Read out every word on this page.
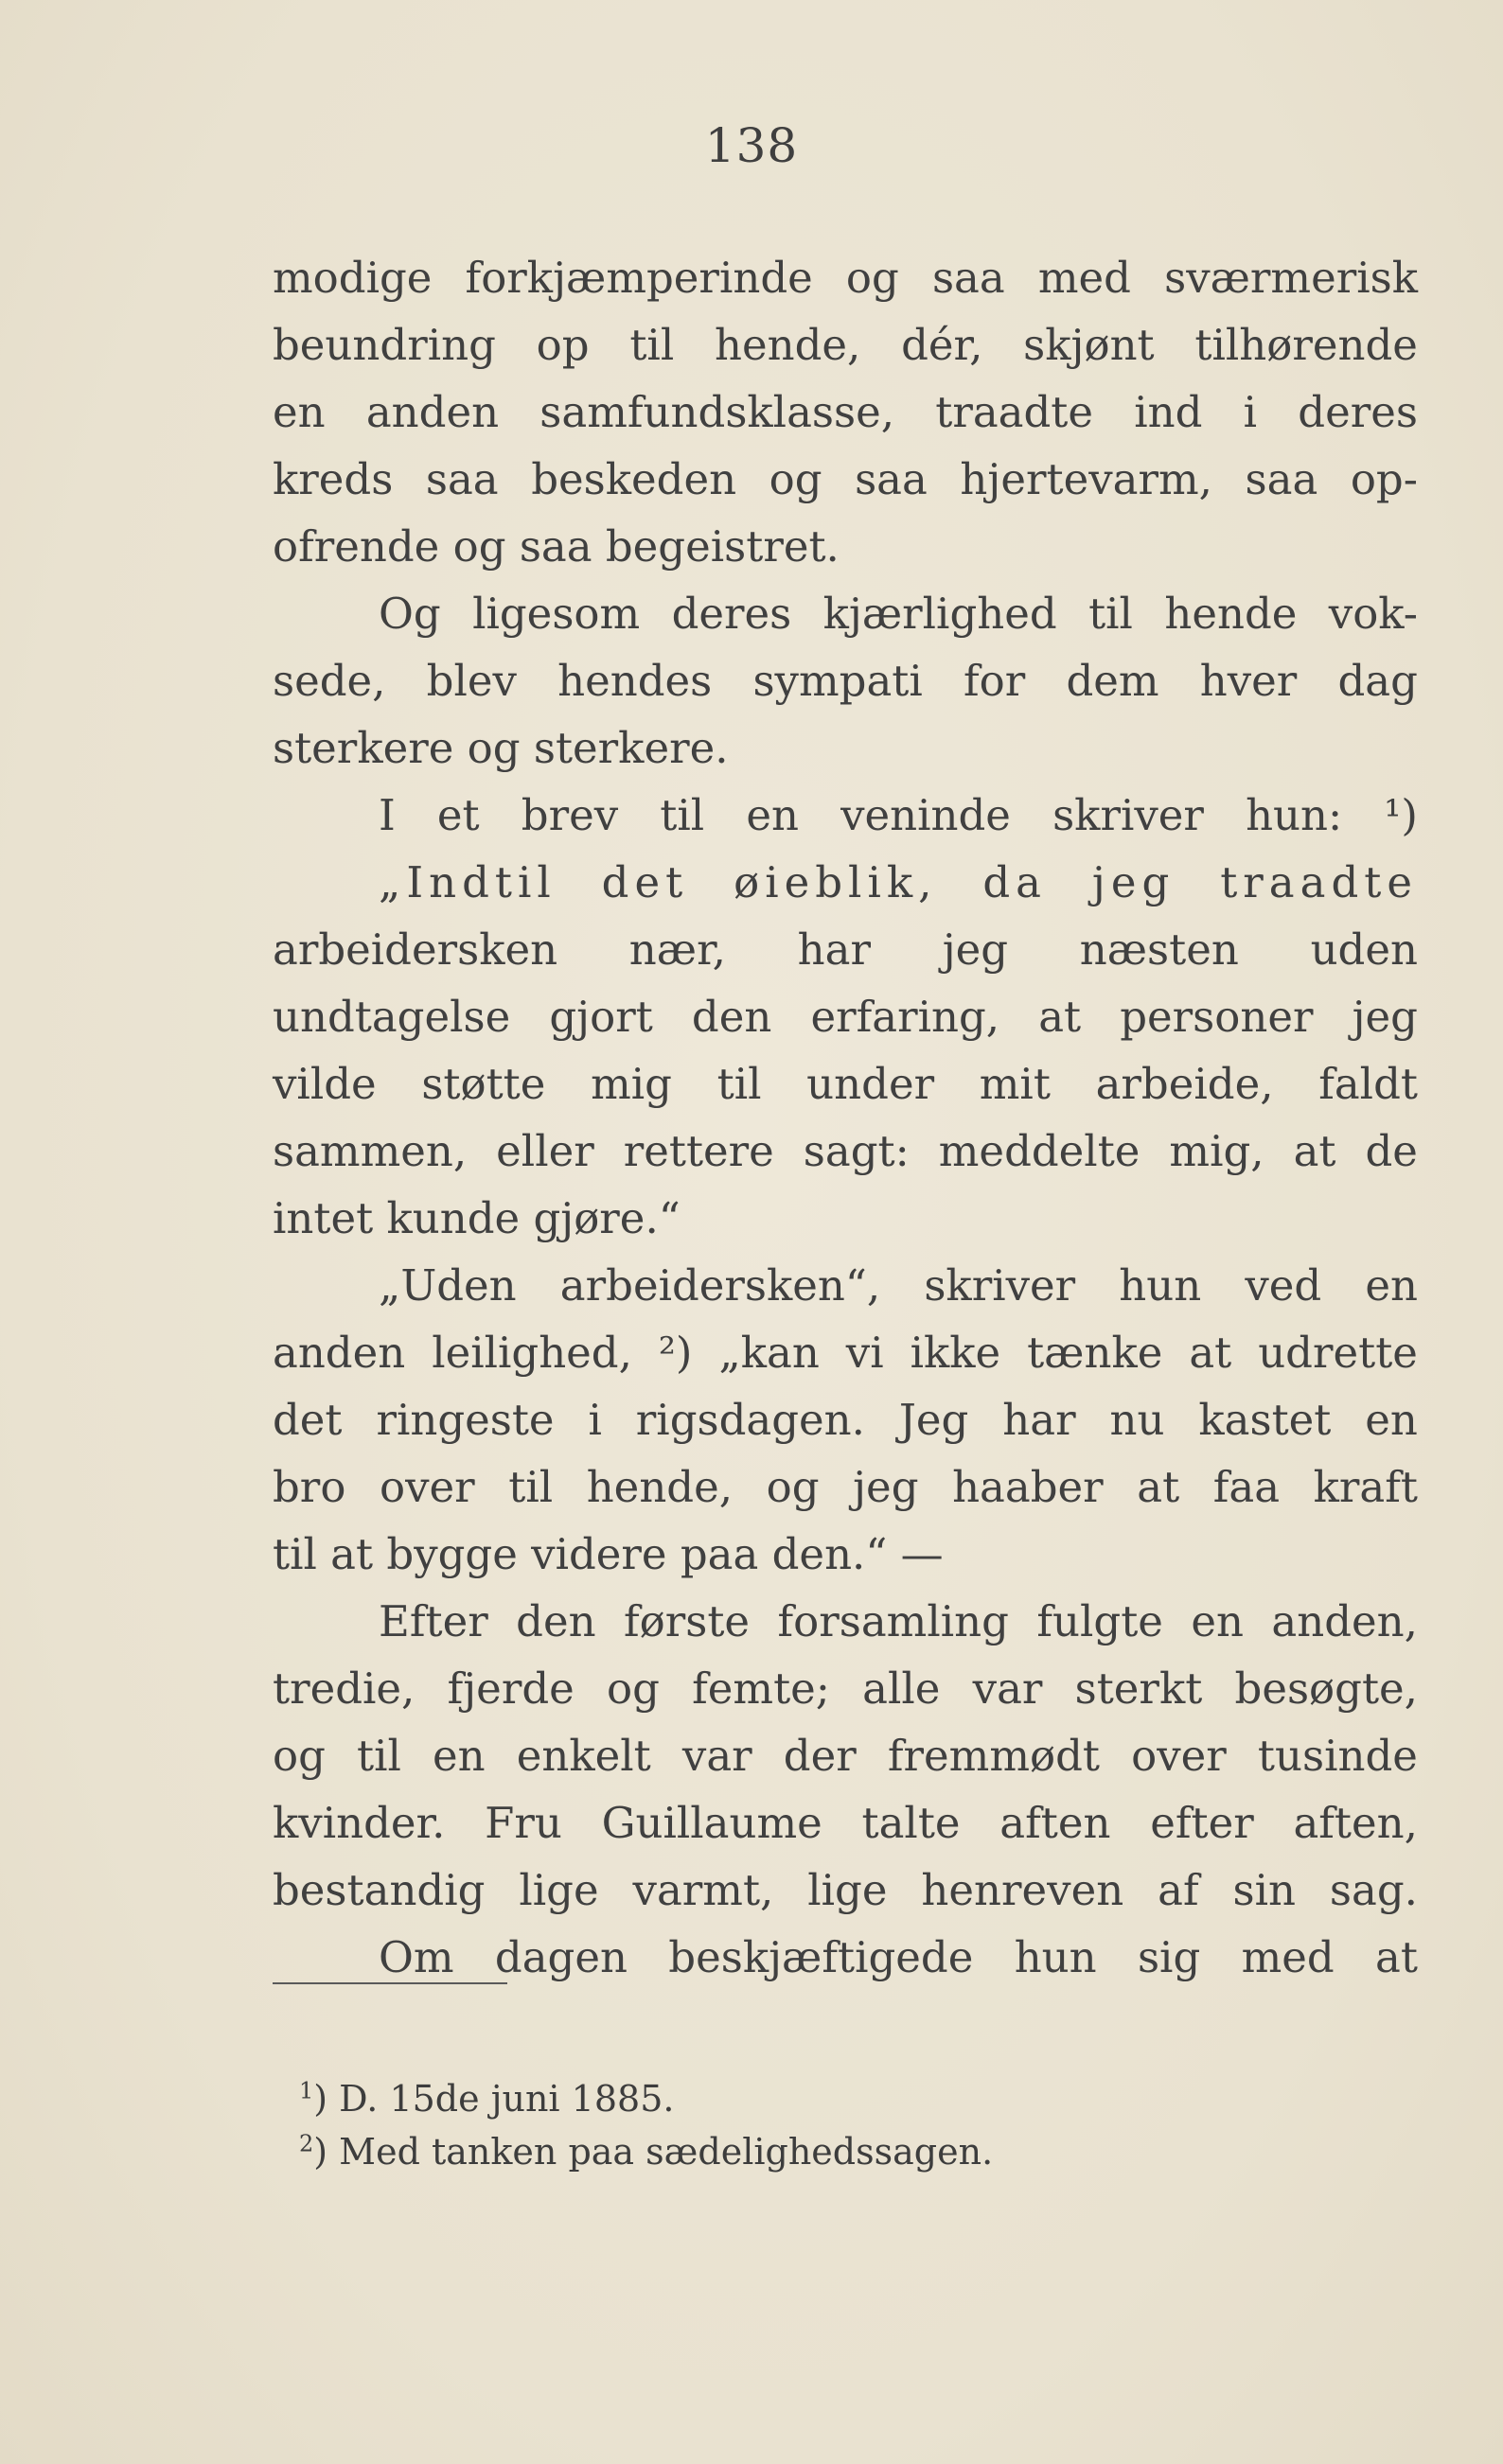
138
modige forkjæmperinde og saa med sværmerisk
beundring op til hende, dér, skjønt tilhørende
en anden samfundsklasse, traadte ind i deres
kreds saa beskeden og saa hjertevarm, saa op-
ofrende og saa begeistret.
Og ligesom deres kjærlighed til hende vok-
sede, blev hendes sympati for dem hver dag
sterkere og sterkere.
I et brev til en veninde skriver hun: ¹)
„Indtil det øieblik, da jeg traadte
arbeidersken nær, har jeg næsten uden
undtagelse gjort den erfaring, at personer jeg
vilde støtte mig til under mit arbeide, faldt
sammen, eller rettere sagt: meddelte mig, at de
intet kunde gjøre.“
„Uden arbeidersken“, skriver hun ved en
anden leilighed, ²) „kan vi ikke tænke at udrette
det ringeste i rigsdagen. Jeg har nu kastet en
bro over til hende, og jeg haaber at faa kraft
til at bygge videre paa den.“ —
Efter den første forsamling fulgte en anden,
tredie, fjerde og femte; alle var sterkt besøgte,
og til en enkelt var der fremmødt over tusinde
kvinder. Fru Guillaume talte aften efter aften,
bestandig lige varmt, lige henreven af sin sag.
Om dagen beskjæftigede hun sig med at
$^1$) D. 15de juni 1885.
$^2$) Med tanken paa sædelighedssagen.
